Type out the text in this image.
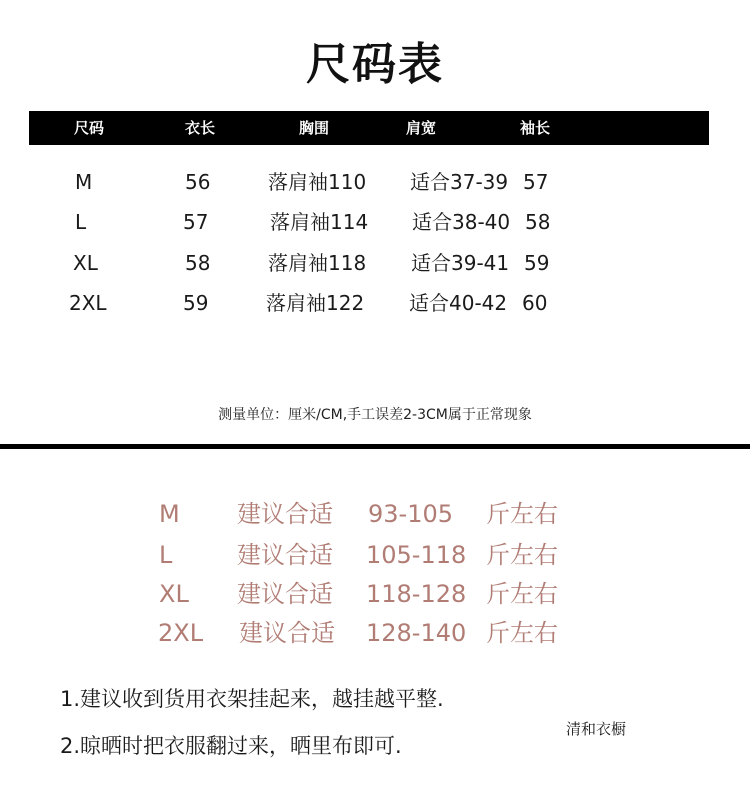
尺码表
尺码	衣长	胸围	肩宽	袖长
M	56	落肩袖110 适合37-39 57
L	57	落肩袖114 适合38-40 58
XL	58	落肩袖118 适合39-41 59
2XL	59	落肩袖122 适合40-42 60
测量单位：厘米/CM,手工误差2-3CM属于正常现象
M 建议合适 93-105 斤左右
L	建议合适 105-118 斤左右
XL 建议合适 118-128 斤左右
2XL 建议合适 128-140 斤左右
1.建议收到货用衣架挂起来，越挂越平整.
2.晾晒时把衣服翻过来，晒里布即可.
清和衣橱
